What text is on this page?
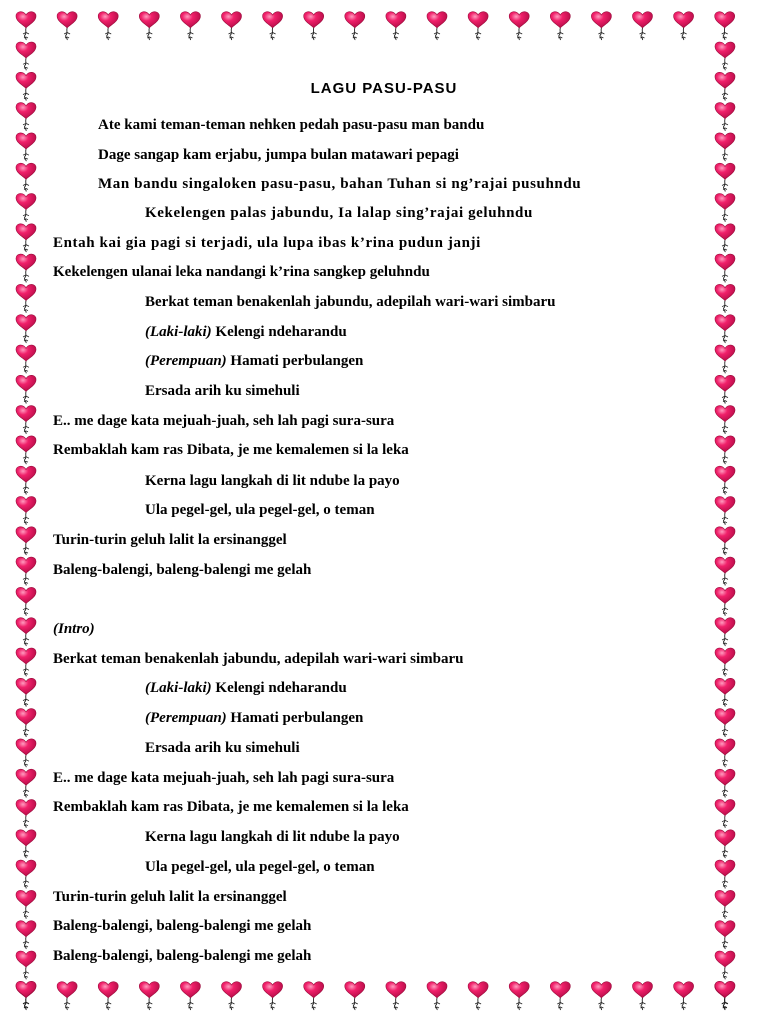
LAGU PASU-PASU

Ate kami teman-teman nehken pedah pasu-pasu man bandu

Dage sangap kam erjabu, jumpa bulan matawari pepagi

Man bandu singaloken pasu-pasu, bahan Tuhan si ng’rajai pusuhndu

Kekelengen palas jabundu, Ia lalap sing’rajai geluhndu

Entah kai gia pagi si terjadi, ula lupa ibas k’rina pudun janji

Kekelengen ulanai leka nandangi k’rina sangkep geluhndu

Berkat teman benakenlah jabundu, adepilah wari-wari simbaru

(Laki-laki) Kelengi ndeharandu

(Perempuan) Hamati perbulangen

Ersada arih ku simehuli

E.. me dage kata mejuah-juah, seh lah pagi sura-sura

Rembaklah kam ras Dibata, je me kemalemen si la leka

Kerna lagu langkah di lit ndube la payo

Ula pegel-gel, ula pegel-gel, o teman

Turin-turin geluh lalit la ersinanggel

Baleng-balengi, baleng-balengi me gelah

(Intro)

Berkat teman benakenlah jabundu, adepilah wari-wari simbaru

(Laki-laki) Kelengi ndeharandu

(Perempuan) Hamati perbulangen

Ersada arih ku simehuli

E.. me dage kata mejuah-juah, seh lah pagi sura-sura

Rembaklah kam ras Dibata, je me kemalemen si la leka

Kerna lagu langkah di lit ndube la payo

Ula pegel-gel, ula pegel-gel, o teman

Turin-turin geluh lalit la ersinanggel

Baleng-balengi, baleng-balengi me gelah

Baleng-balengi, baleng-balengi me gelah
